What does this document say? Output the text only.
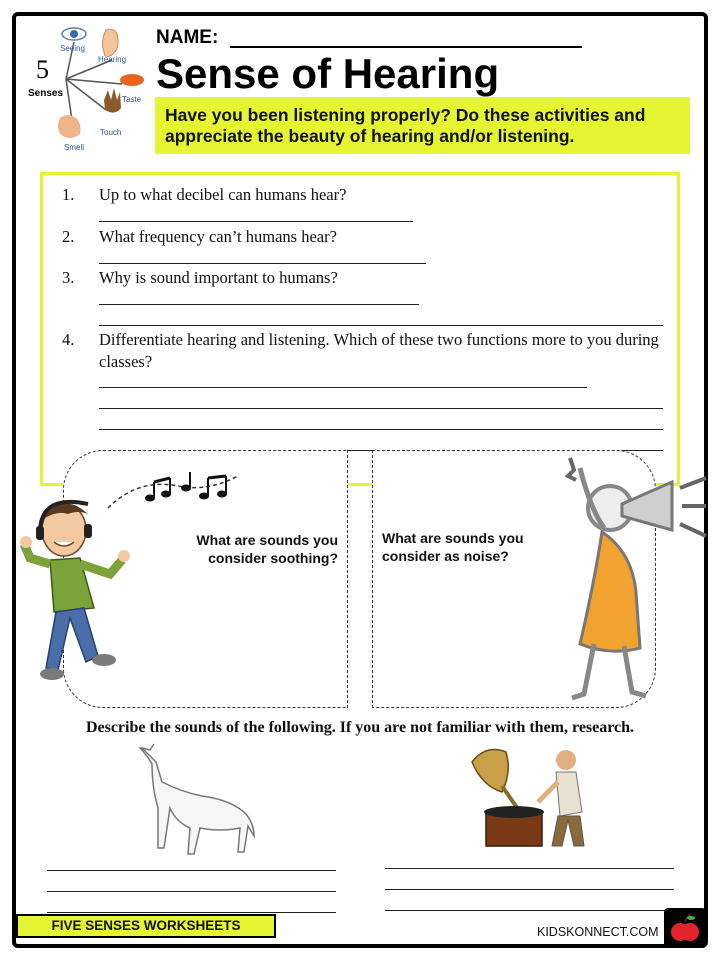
5
Senses
Seeing
Hearing
Taste
Touch
Smell
NAME:
Sense of Hearing
Have you been listening properly? Do these activities and appreciate the beauty of hearing and/or listening.
1.	Up to what decibel can humans hear?
2.	What frequency can’t humans hear?
3.	Why is sound important to humans?
4.	Differentiate hearing and listening. Which of these two functions more to you during classes?
What are sounds you consider soothing?
What are sounds you consider as noise?
Describe the sounds of the following. If you are not familiar with them, research.
FIVE SENSES WORKSHEETS	KIDSKONNECT.COM
